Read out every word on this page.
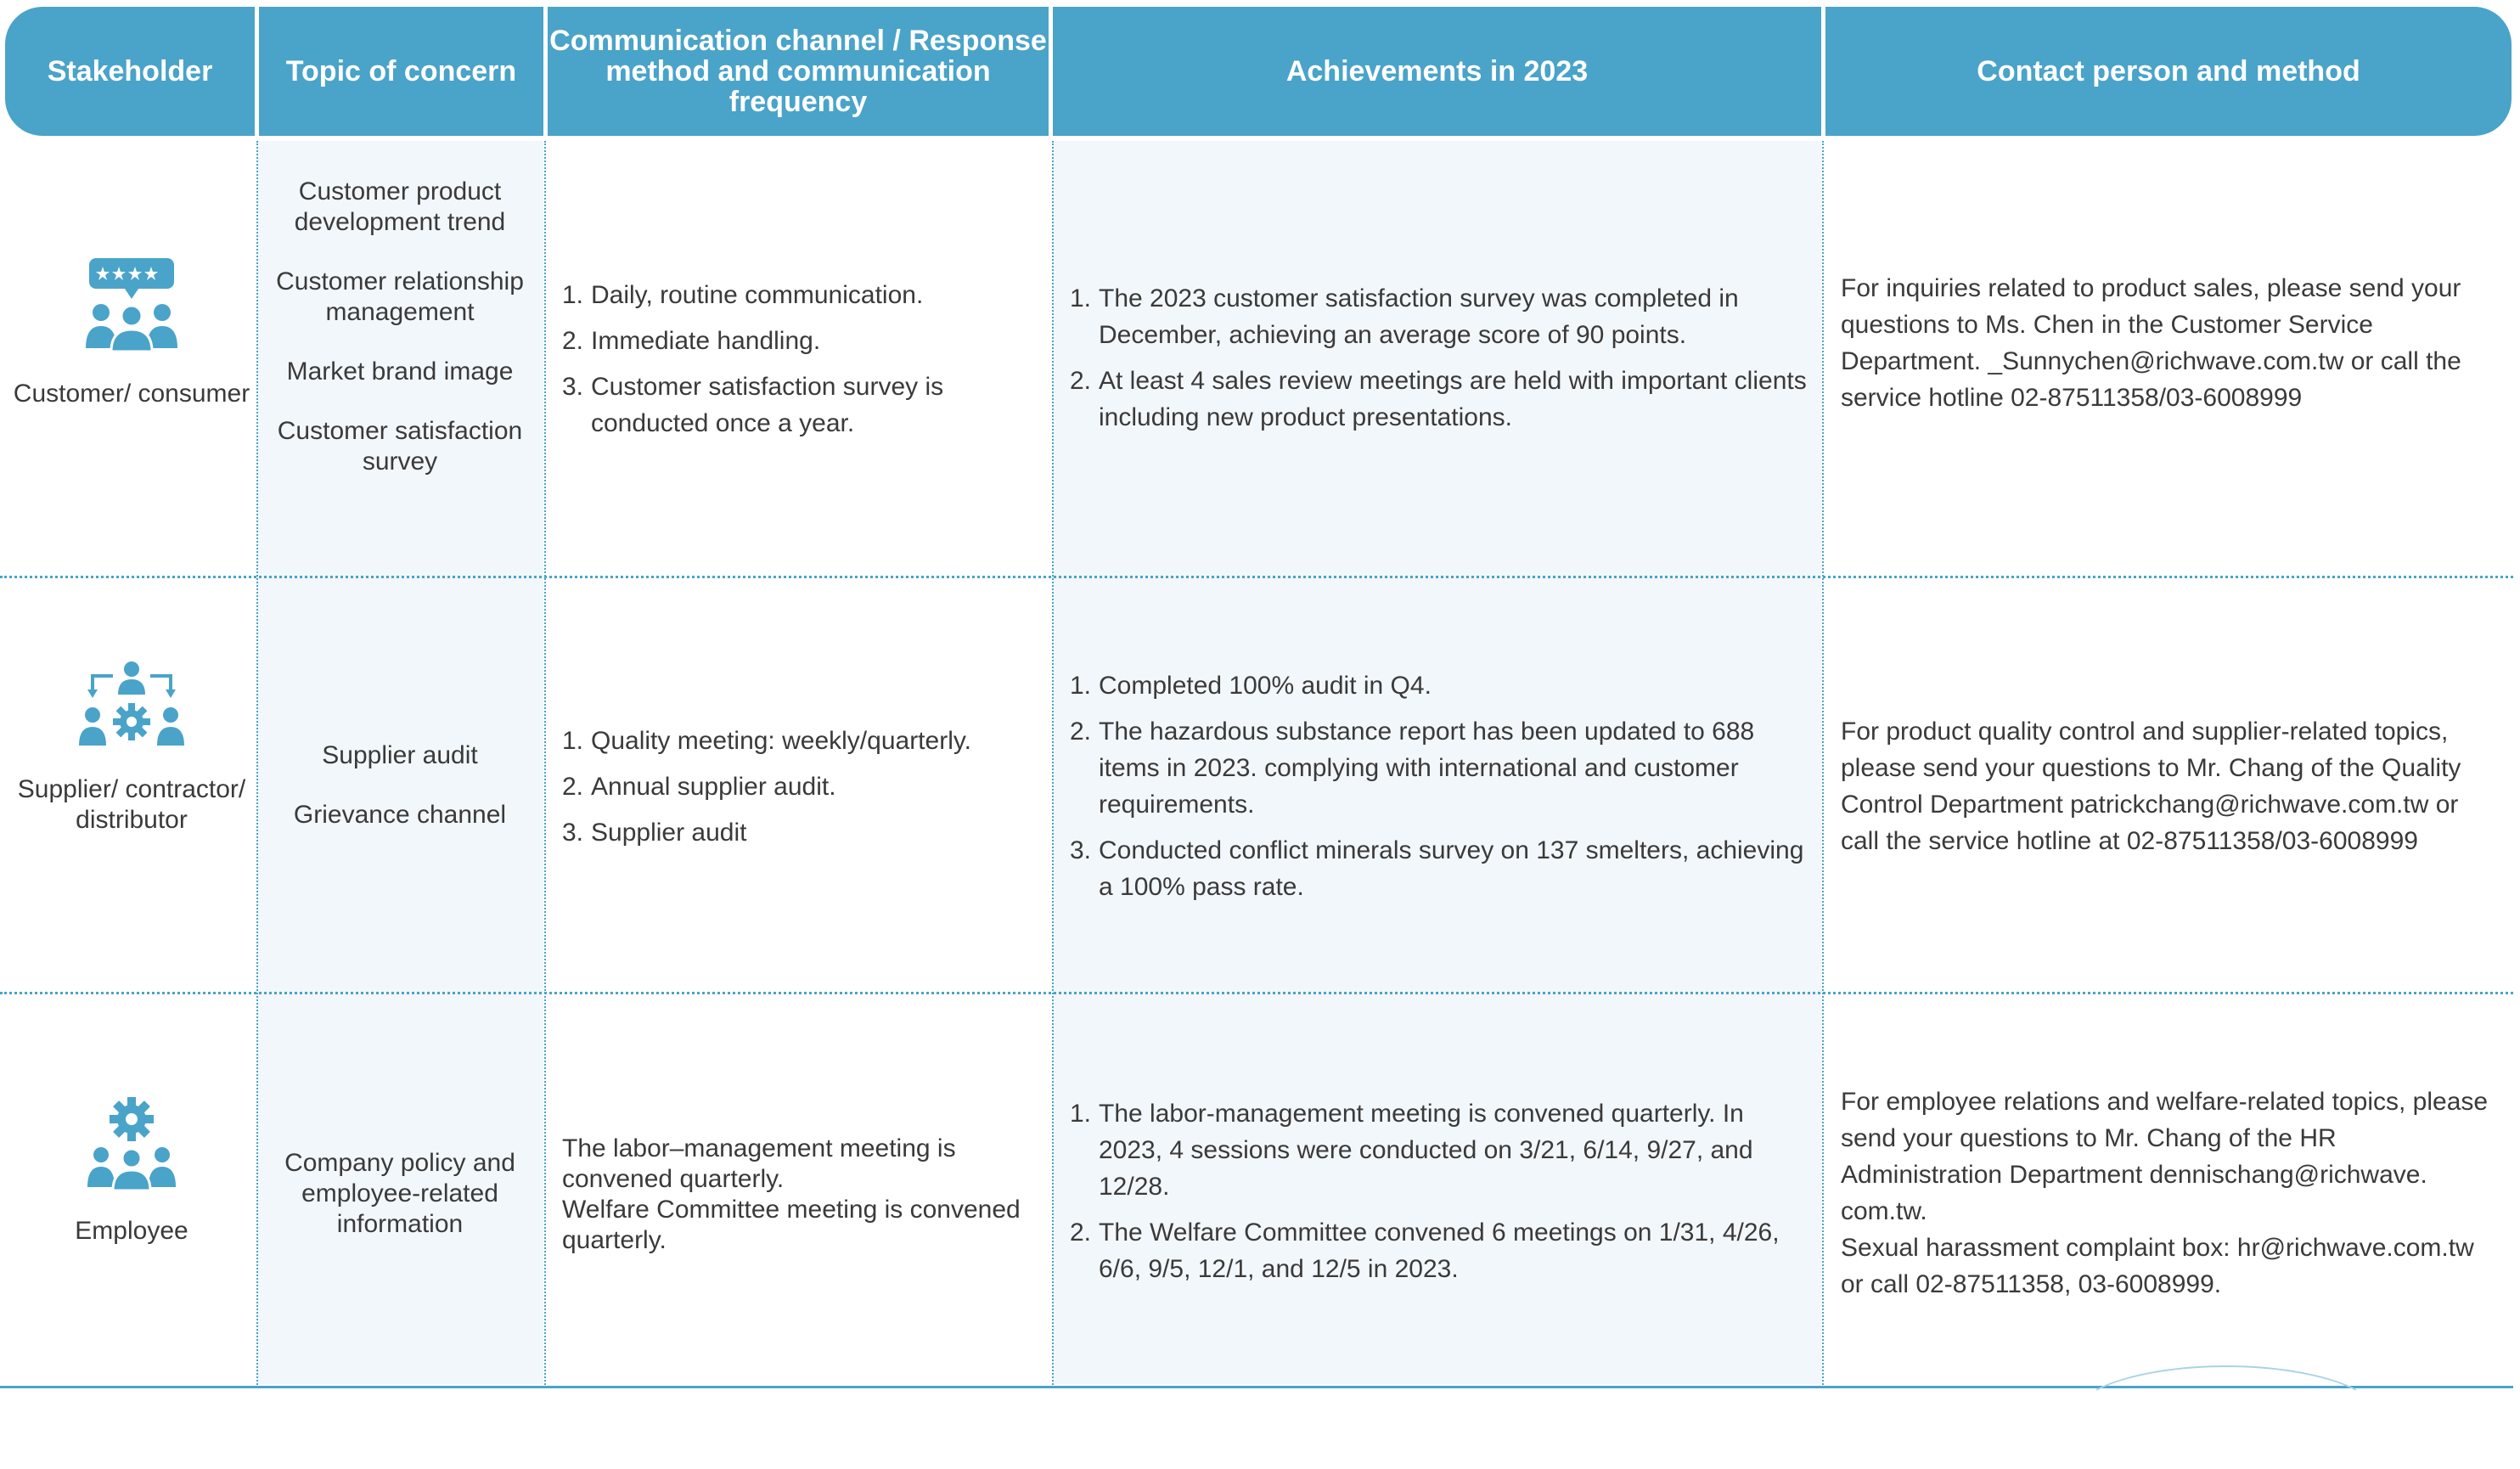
Stakeholder	Topic of concern
Communication channel / Response method and communication frequency
Achievements in 2023	Contact person and method
Customer/ consumer
Customer product development trend
Customer relationship management
Market brand image
Customer satisfaction survey
1. Daily, routine communication.
2. Immediate handling.
3. Customer satisfaction survey is conducted once a year.
1. The 2023 customer satisfaction survey was completed in December, achieving an average score of 90 points.
2. At least 4 sales review meetings are held with important clients including new product presentations.
For inquiries related to product sales, please send your questions to Ms. Chen in the Customer Service Department. _Sunnychen@richwave.com.tw or call the service hotline 02-87511358/03-6008999
Supplier/ contractor/ distributor
Supplier audit
Grievance channel
1. Quality meeting: weekly/quarterly.
2. Annual supplier audit.
3. Supplier audit
1. Completed 100% audit in Q4.
2. The hazardous substance report has been updated to 688 items in 2023. complying with international and customer requirements.
3. Conducted conflict minerals survey on 137 smelters, achieving a 100% pass rate.
For product quality control and supplier-related topics, please send your questions to Mr. Chang of the Quality Control Department patrickchang@richwave.com.tw or call the service hotline at 02-87511358/03-6008999
Employee
Company policy and employee-related information
The labor–management meeting is convened quarterly.
Welfare Committee meeting is convened quarterly.
1. The labor-management meeting is convened quarterly. In 2023, 4 sessions were conducted on 3/21, 6/14, 9/27, and 12/28.
2. The Welfare Committee convened 6 meetings on 1/31, 4/26, 6/6, 9/5, 12/1, and 12/5 in 2023.
For employee relations and welfare-related topics, please send your questions to Mr. Chang of the HR Administration Department dennischang@richwave.
com.tw.
Sexual harassment complaint box: hr@richwave.com.tw or call 02-87511358, 03-6008999.
